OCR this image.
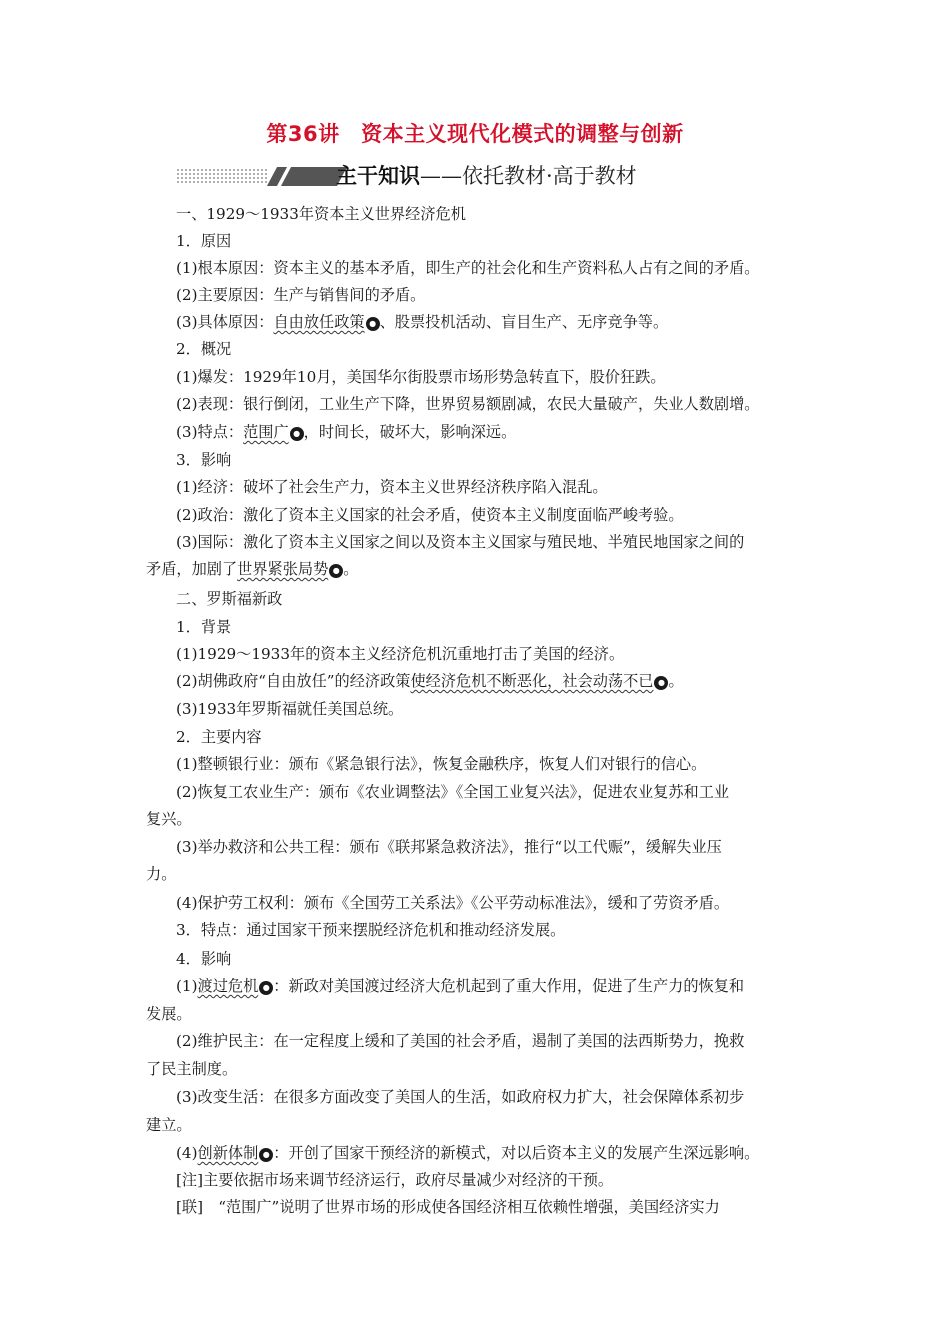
第36讲　资本主义现代化模式的调整与创新
主干知识——依托教材·高于教材
一、1929～1933年资本主义世界经济危机
1．原因
(1)根本原因：资本主义的基本矛盾，即生产的社会化和生产资料私人占有之间的矛盾。
(2)主要原因：生产与销售间的矛盾。
(3)具体原因：自由放任政策 ● 、股票投机活动、盲目生产、无序竞争等。
2．概况
(1)爆发：1929年10月，美国华尔街股票市场形势急转直下，股价狂跌。
(2)表现：银行倒闭，工业生产下降，世界贸易额剧减，农民大量破产，失业人数剧增。
(3)特点：范围广 ● ，时间长，破坏大，影响深远。
3．影响
(1)经济：破坏了社会生产力，资本主义世界经济秩序陷入混乱。
(2)政治：激化了资本主义国家的社会矛盾，使资本主义制度面临严峻考验。
(3)国际：激化了资本主义国家之间以及资本主义国家与殖民地、半殖民地国家之间的
矛盾，加剧了世界紧张局势 ● 。
二、罗斯福新政
1．背景
(1)1929～1933年的资本主义经济危机沉重地打击了美国的经济。
(2)胡佛政府“自由放任”的经济政策使经济危机不断恶化，社会动荡不已 ● 。
(3)1933年罗斯福就任美国总统。
2．主要内容
(1)整顿银行业：颁布《紧急银行法》，恢复金融秩序，恢复人们对银行的信心。
(2)恢复工农业生产：颁布《农业调整法》《全国工业复兴法》，促进农业复苏和工业
复兴。
(3)举办救济和公共工程：颁布《联邦紧急救济法》，推行“以工代赈”，缓解失业压
力。
(4)保护劳工权利：颁布《全国劳工关系法》《公平劳动标准法》，缓和了劳资矛盾。
3．特点：通过国家干预来摆脱经济危机和推动经济发展。
4．影响
(1)渡过危机 ● ：新政对美国渡过经济大危机起到了重大作用，促进了生产力的恢复和
发展。
(2)维护民主：在一定程度上缓和了美国的社会矛盾，遏制了美国的法西斯势力，挽救
了民主制度。
(3)改变生活：在很多方面改变了美国人的生活，如政府权力扩大，社会保障体系初步
建立。
(4)创新体制 ● ：开创了国家干预经济的新模式，对以后资本主义的发展产生深远影响。
[注]主要依据市场来调节经济运行，政府尽量减少对经济的干预。
[联]　“范围广”说明了世界市场的形成使各国经济相互依赖性增强，美国经济实力
